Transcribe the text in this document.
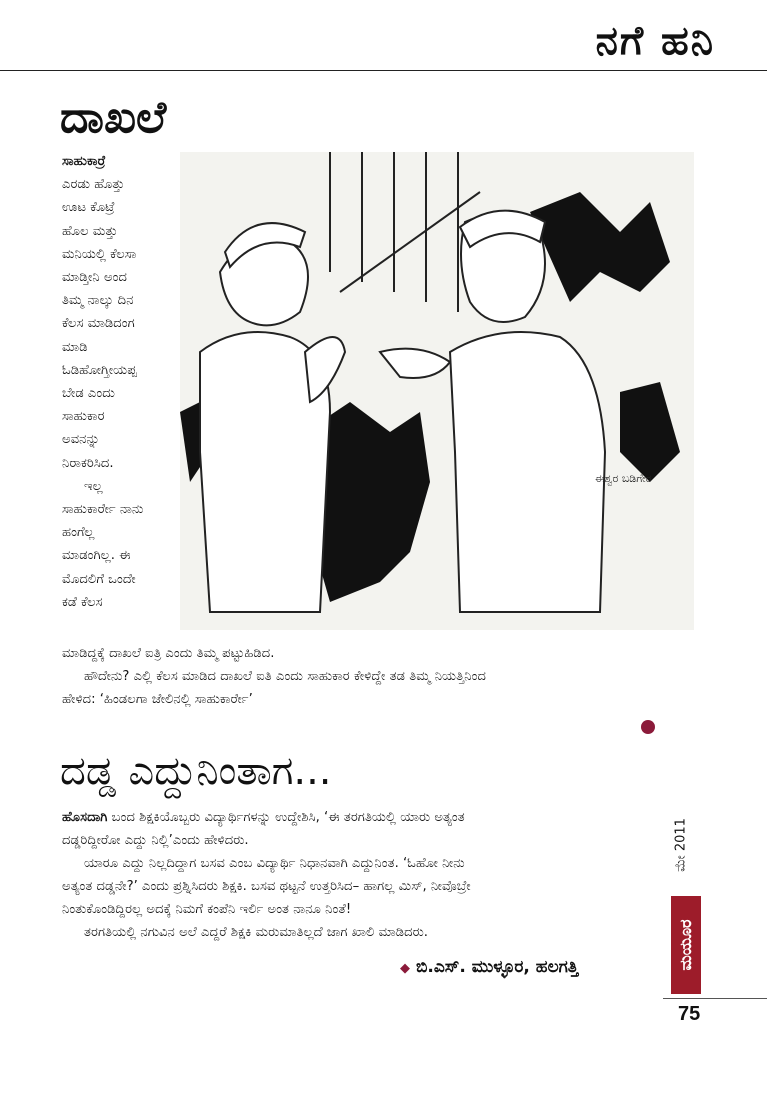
ನಗೆ ಹನಿ
ದಾಖಲೆ
ಸಾಹುಕಾರ್ರೆ
ಎರಡು ಹೊತ್ತು
ಊಟ ಕೊಟ್ರೆ
ಹೊಲ ಮತ್ತು
ಮನಿಯಲ್ಲಿ ಕೆಲಸಾ
ಮಾಡ್ತೀನಿ ಅಂದ
ತಿಮ್ಮ ನಾಲ್ಕು ದಿನ
ಕೆಲಸ ಮಾಡಿದಂಗ
ಮಾಡಿ
ಓಡಿಹೋಗ್ತೀಯಪ್ಪ
ಬೇಡ ಎಂದು
ಸಾಹುಕಾರ
ಅವನನ್ನು
ನಿರಾಕರಿಸಿದ.
ಇಲ್ಲ
ಸಾಹುಕಾರ್ರೇ ನಾನು
ಹಂಗೆಲ್ಲ
ಮಾಡಂಗಿಲ್ಲ. ಈ
ಮೊದಲಿಗೆ ಒಂದೇ
ಕಡೆ ಕೆಲಸ
ಈಶ್ವರ ಬಡಿಗೇರ
ಮಾಡಿದ್ದಕ್ಕೆ ದಾಖಲೆ ಐತ್ರಿ ಎಂದು ತಿಮ್ಮ ಪಟ್ಟುಹಿಡಿದ.
ಹೌದೇನು? ಎಲ್ಲಿ ಕೆಲಸ ಮಾಡಿದ ದಾಖಲೆ ಐತಿ ಎಂದು ಸಾಹುಕಾರ ಕೇಳಿದ್ದೇ ತಡ ತಿಮ್ಮ ನಿಯತ್ತಿನಿಂದ
ಹೇಳಿದ: ‘ಹಿಂಡಲಗಾ ಜೇಲಿನಲ್ಲಿ ಸಾಹುಕಾರ್ರೇ’
ದಡ್ಡ ಎದ್ದುನಿಂತಾಗ...
ಹೊಸದಾಗಿ ಬಂದ ಶಿಕ್ಷಕಿಯೊಬ್ಬರು ವಿದ್ಯಾರ್ಥಿಗಳನ್ನು ಉದ್ದೇಶಿಸಿ, ‘ಈ ತರಗತಿಯಲ್ಲಿ ಯಾರು ಅತ್ಯಂತ
ದಡ್ಡರಿದ್ದೀರೋ ಎದ್ದು ನಿಲ್ಲಿ’ಎಂದು ಹೇಳಿದರು.
ಯಾರೂ ಎದ್ದು ನಿಲ್ಲದಿದ್ದಾಗ ಬಸವ ಎಂಬ ವಿದ್ಯಾರ್ಥಿ ನಿಧಾನವಾಗಿ ಎದ್ದುನಿಂತ. ‘ಓಹೋ ನೀನು
ಅತ್ಯಂತ ದಡ್ಡನೇ?’ ಎಂದು ಪ್ರಶ್ನಿಸಿದರು ಶಿಕ್ಷಕಿ. ಬಸವ ಥಟ್ಟನೆ ಉತ್ತರಿಸಿದ– ಹಾಗಲ್ಲ ಮಿಸ್, ನೀವೊಬ್ರೇ
ನಿಂತುಕೊಂಡಿದ್ದಿರಲ್ಲ ಅದಕ್ಕೆ ನಿಮಗೆ ಕಂಪೆನಿ ಇರ್ಲಿ ಅಂತ ನಾನೂ ನಿಂತೆ!
ತರಗತಿಯಲ್ಲಿ ನಗುವಿನ ಅಲೆ ಎದ್ದರೆ ಶಿಕ್ಷಕಿ ಮರುಮಾತಿಲ್ಲದೆ ಜಾಗ ಖಾಲಿ ಮಾಡಿದರು.
◆ ಬಿ.ಎಸ್. ಮುಳ್ಳೂರ, ಹಲಗತ್ತಿ
ಮೇ 2011
ಮಯೂರ
75
